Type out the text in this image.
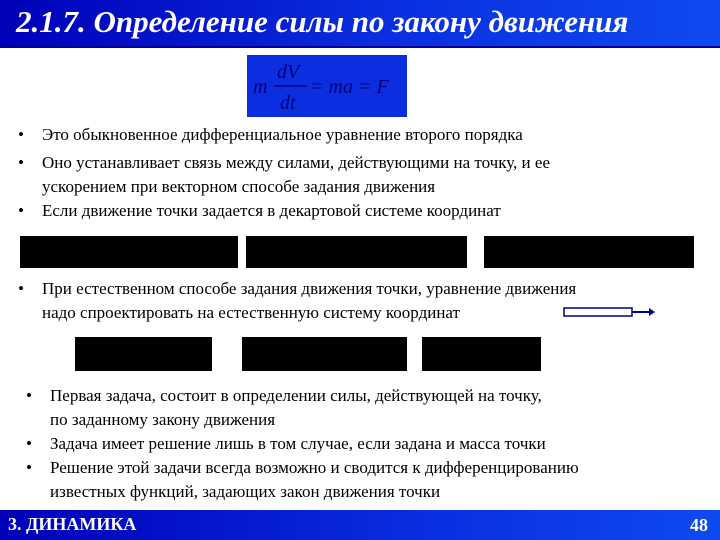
2.1.7. Определение силы по закону движения
m
dV
dt
= ma = F
•	Это обыкновенное дифференциальное уравнение второго порядка
•	Оно устанавливает связь между силами, действующими на точку, и ее
ускорением при векторном способе задания движения
•	Если движение точки задается в декартовой системе координат
•	При естественном способе задания движения точки, уравнение движения
надо спроектировать на естественную систему координат
•	Первая задача, состоит в определении силы, действующей на точку,
по заданному закону движения
•	Задача имеет решение лишь в том случае, если задана и масса точки
•	Решение этой задачи всегда возможно и сводится к дифференцированию
известных функций, задающих закон движения точки
3. ДИНАМИКА	48
